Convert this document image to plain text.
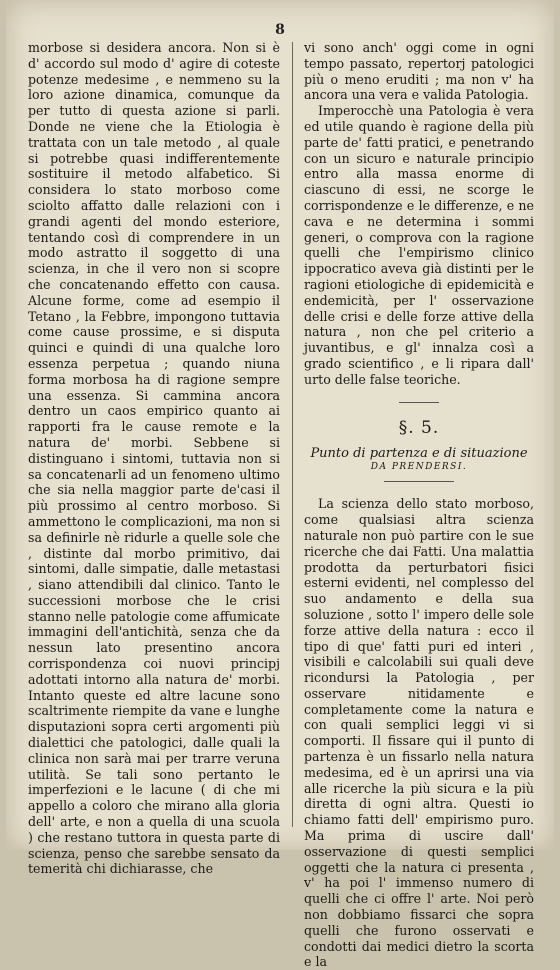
8

morbose si desidera ancora. Non si è d' accordo sul modo d' agire di coteste potenze medesime , e nemmeno su la loro azione dinamica, comunque da per tutto di questa azione si parli. Donde ne viene che la Etiologia è trattata con un tale metodo , al quale si potrebbe quasi indifferentemente sostituire il metodo alfabetico. Si considera lo stato morboso come sciolto affatto dalle relazioni con i grandi agenti del mondo esteriore, tentando così di comprendere in un modo astratto il soggetto di una scienza, in che il vero non si scopre che concatenando effetto con causa. Alcune forme, come ad esempio il Tetano , la Febbre, impongono tuttavia come cause prossime, e si disputa quinci e quindi di una qualche loro essenza perpetua ; quando niuna forma morbosa ha di ragione sempre una essenza. Si cammina ancora dentro un caos empirico quanto ai rapporti fra le cause remote e la natura de' morbi. Sebbene si distinguano i sintomi, tuttavia non si sa concatenarli ad un fenomeno ultimo che sia nella maggior parte de'casi il più prossimo al centro morboso. Si ammettono le complicazioni, ma non si sa definirle nè ridurle a quelle sole che , distinte dal morbo primitivo, dai sintomi, dalle simpatie, dalle metastasi , siano attendibili dal clinico. Tanto le successioni morbose che le crisi stanno nelle patologie come affumicate immagini dell'antichità, senza che da nessun lato presentino ancora corrispondenza coi nuovi principj adottati intorno alla natura de' morbi. Intanto queste ed altre lacune sono scaltrimente riempite da vane e lunghe disputazioni sopra certi argomenti più dialettici che patologici, dalle quali la clinica non sarà mai per trarre veruna utilità. Se tali sono pertanto le imperfezioni e le lacune ( di che mi appello a coloro che mirano alla gloria dell' arte, e non a quella di una scuola ) che restano tuttora in questa parte di scienza, penso che sarebbe sensato da temerità chi dichiarasse, che

vi sono anch' oggi come in ogni tempo passato, repertorj patologici più o meno eruditi ; ma non v' ha ancora una vera e valida Patologia.

Imperocchè una Patologia è vera ed utile quando è ragione della più parte de' fatti pratici, e penetrando con un sicuro e naturale principio entro alla massa enorme di ciascuno di essi, ne scorge le corrispondenze e le differenze, e ne cava e ne determina i sommi generi, o comprova con la ragione quelli che l'empirismo clinico ippocratico aveva già distinti per le ragioni etiologiche di epidemicità e endemicità, per l' osservazione delle crisi e delle forze attive della natura , non che pel criterio a juvantibus, e gl' innalza così a grado scientifico , e li ripara dall' urto delle false teoriche.

§. 5.
Punto di partenza e di situazione
DA PRENDERSI.

La scienza dello stato morboso, come qualsiasi altra scienza naturale non può partire con le sue ricerche che dai Fatti. Una malattia prodotta da perturbatori fisici esterni evidenti, nel complesso del suo andamento e della sua soluzione , sotto l' impero delle sole forze attive della natura : ecco il tipo di que' fatti puri ed interi , visibili e calcolabili sui quali deve ricondursi la Patologia , per osservare nitidamente e completamente come la natura e con quali semplici leggi vi si comporti. Il fissare qui il punto di partenza è un fissarlo nella natura medesima, ed è un aprirsi una via alle ricerche la più sicura e la più diretta di ogni altra. Questi io chiamo fatti dell' empirismo puro. Ma prima di uscire dall' osservazione di questi semplici oggetti che la natura ci presenta , v' ha poi l' immenso numero di quelli che ci offre l' arte. Noi però non dobbiamo fissarci che sopra quelli che furono osservati e condotti dai medici dietro la scorta e la
